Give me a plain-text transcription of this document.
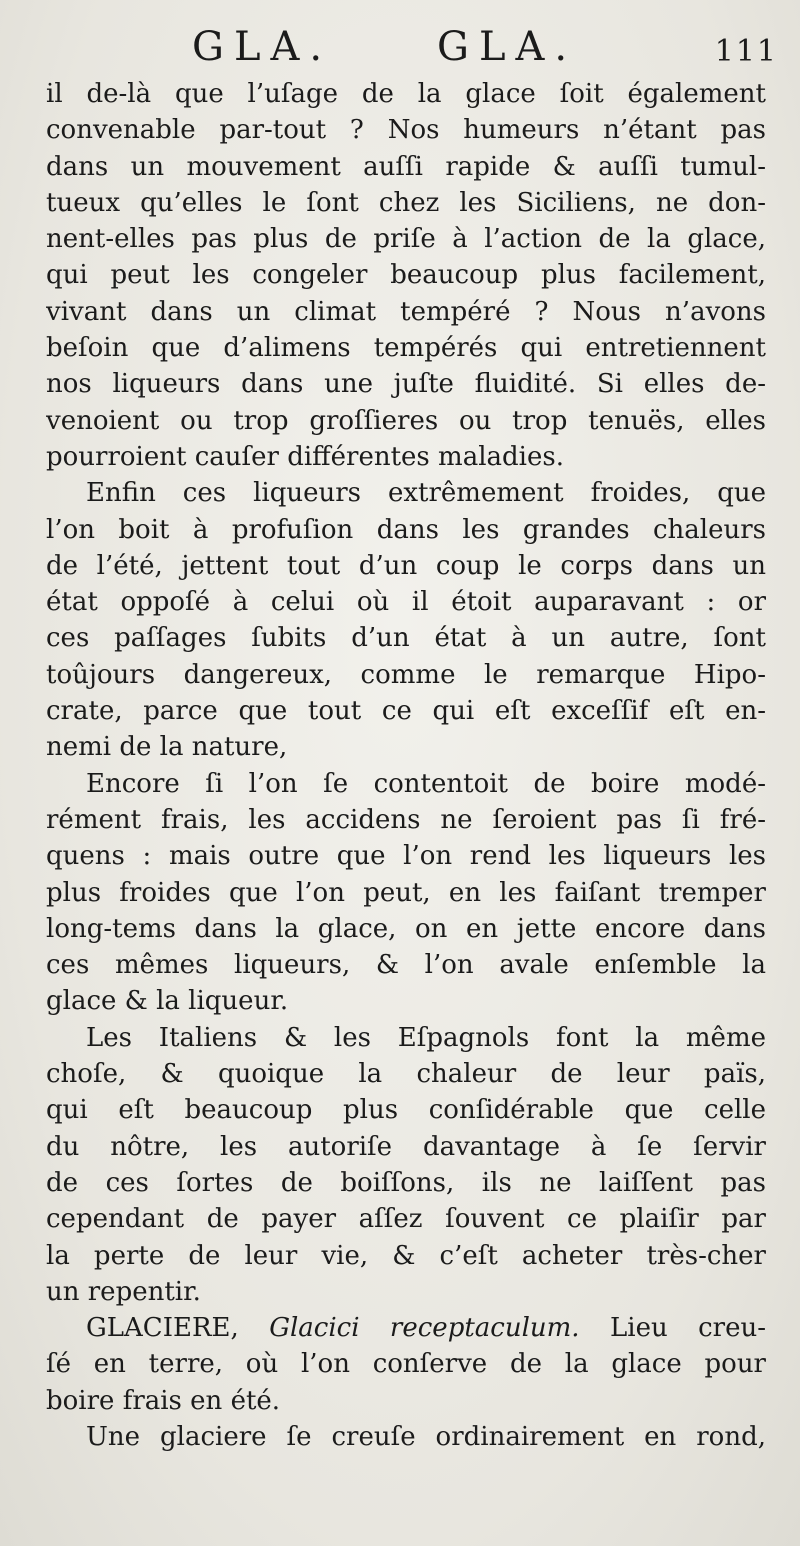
GLA.	GLA.	111
il de-là que l’uſage de la glace ſoit également
convenable par-tout ? Nos humeurs n’étant pas
dans un mouvement auſſi rapide & auſſi tumul-
tueux qu’elles le ſont chez les Siciliens, ne don-
nent-elles pas plus de priſe à l’action de la glace,
qui peut les congeler beaucoup plus facilement,
vivant dans un climat tempéré ? Nous n’avons
beſoin que d’alimens tempérés qui entretiennent
nos liqueurs dans une juſte fluidité. Si elles de-
venoient ou trop groſſieres ou trop tenuës, elles
pourroient cauſer différentes maladies.
Enfin ces liqueurs extrêmement froides, que
l’on boit à profuſion dans les grandes chaleurs
de l’été, jettent tout d’un coup le corps dans un
état oppoſé à celui où il étoit auparavant : or
ces paſſages ſubits d’un état à un autre, ſont
toûjours dangereux, comme le remarque Hipo-
crate, parce que tout ce qui eſt exceſſif eſt en-
nemi de la nature,
Encore ſi l’on ſe contentoit de boire modé-
rément frais, les accidens ne ſeroient pas ſi fré-
quens : mais outre que l’on rend les liqueurs les
plus froides que l’on peut, en les faiſant tremper
long-tems dans la glace, on en jette encore dans
ces mêmes liqueurs, & l’on avale enſemble la
glace & la liqueur.
Les Italiens & les Eſpagnols font la même
choſe, & quoique la chaleur de leur païs,
qui eſt beaucoup plus conſidérable que celle
du nôtre, les autoriſe davantage à ſe ſervir
de ces ſortes de boiſſons, ils ne laiſſent pas
cependant de payer aſſez ſouvent ce plaiſir par
la perte de leur vie, & c’eſt acheter très-cher
un repentir.
GLACIERE, Glacici receptaculum. Lieu creu-
ſé en terre, où l’on conſerve de la glace pour
boire frais en été.
Une glaciere ſe creuſe ordinairement en rond,
